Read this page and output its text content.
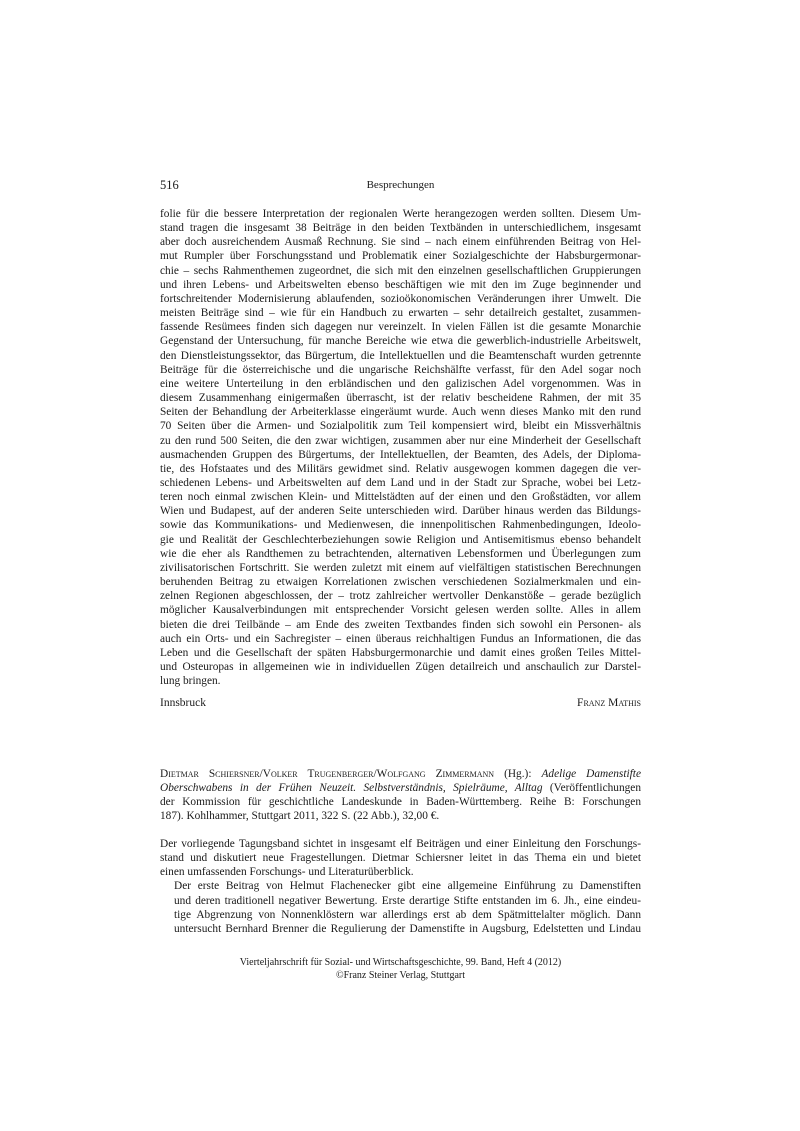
516	Besprechungen

folie für die bessere Interpretation der regionalen Werte herangezogen werden sollten. Diesem Um-
stand tragen die insgesamt 38 Beiträge in den beiden Textbänden in unterschiedlichem, insgesamt
aber doch ausreichendem Ausmaß Rechnung. Sie sind – nach einem einführenden Beitrag von Hel-
mut Rumpler über Forschungsstand und Problematik einer Sozialgeschichte der Habsburgermonar-
chie – sechs Rahmenthemen zugeordnet, die sich mit den einzelnen gesellschaftlichen Gruppierungen
und ihren Lebens- und Arbeitswelten ebenso beschäftigen wie mit den im Zuge beginnender und
fortschreitender Modernisierung ablaufenden, sozioökonomischen Veränderungen ihrer Umwelt. Die
meisten Beiträge sind – wie für ein Handbuch zu erwarten – sehr detailreich gestaltet, zusammen-
fassende Resümees finden sich dagegen nur vereinzelt. In vielen Fällen ist die gesamte Monarchie
Gegenstand der Untersuchung, für manche Bereiche wie etwa die gewerblich-industrielle Arbeitswelt,
den Dienstleistungssektor, das Bürgertum, die Intellektuellen und die Beamtenschaft wurden getrennte
Beiträge für die österreichische und die ungarische Reichshälfte verfasst, für den Adel sogar noch
eine weitere Unterteilung in den erbländischen und den galizischen Adel vorgenommen. Was in
diesem Zusammenhang einigermaßen überrascht, ist der relativ bescheidene Rahmen, der mit 35
Seiten der Behandlung der Arbeiterklasse eingeräumt wurde. Auch wenn dieses Manko mit den rund
70 Seiten über die Armen- und Sozialpolitik zum Teil kompensiert wird, bleibt ein Missverhältnis
zu den rund 500 Seiten, die den zwar wichtigen, zusammen aber nur eine Minderheit der Gesellschaft
ausmachenden Gruppen des Bürgertums, der Intellektuellen, der Beamten, des Adels, der Diploma-
tie, des Hofstaates und des Militärs gewidmet sind. Relativ ausgewogen kommen dagegen die ver-
schiedenen Lebens- und Arbeitswelten auf dem Land und in der Stadt zur Sprache, wobei bei Letz-
teren noch einmal zwischen Klein- und Mittelstädten auf der einen und den Großstädten, vor allem
Wien und Budapest, auf der anderen Seite unterschieden wird. Darüber hinaus werden das Bildungs-
sowie das Kommunikations- und Medienwesen, die innenpolitischen Rahmenbedingungen, Ideolo-
gie und Realität der Geschlechterbeziehungen sowie Religion und Antisemitismus ebenso behandelt
wie die eher als Randthemen zu betrachtenden, alternativen Lebensformen und Überlegungen zum
zivilisatorischen Fortschritt. Sie werden zuletzt mit einem auf vielfältigen statistischen Berechnungen
beruhenden Beitrag zu etwaigen Korrelationen zwischen verschiedenen Sozialmerkmalen und ein-
zelnen Regionen abgeschlossen, der – trotz zahlreicher wertvoller Denkanstöße – gerade bezüglich
möglicher Kausalverbindungen mit entsprechender Vorsicht gelesen werden sollte. Alles in allem
bieten die drei Teilbände – am Ende des zweiten Textbandes finden sich sowohl ein Personen- als
auch ein Orts- und ein Sachregister – einen überaus reichhaltigen Fundus an Informationen, die das
Leben und die Gesellschaft der späten Habsburgermonarchie und damit eines großen Teiles Mittel-
und Osteuropas in allgemeinen wie in individuellen Zügen detailreich und anschaulich zur Darstel-
lung bringen.

Innsbruck	Franz Mathis

Dietmar Schiersner/Volker Trugenberger/Wolfgang Zimmermann (Hg.): Adelige Damenstifte
Oberschwabens in der Frühen Neuzeit. Selbstverständnis, Spielräume, Alltag (Veröffentlichungen
der Kommission für geschichtliche Landeskunde in Baden-Württemberg. Reihe B: Forschungen
187). Kohlhammer, Stuttgart 2011, 322 S. (22 Abb.), 32,00 €.

Der vorliegende Tagungsband sichtet in insgesamt elf Beiträgen und einer Einleitung den Forschungs-
stand und diskutiert neue Fragestellungen. Dietmar Schiersner leitet in das Thema ein und bietet
einen umfassenden Forschungs- und Literaturüberblick.

Der erste Beitrag von Helmut Flachenecker gibt eine allgemeine Einführung zu Damenstiften
und deren traditionell negativer Bewertung. Erste derartige Stifte entstanden im 6. Jh., eine eindeu-
tige Abgrenzung von Nonnenklöstern war allerdings erst ab dem Spätmittelalter möglich. Dann
untersucht Bernhard Brenner die Regulierung der Damenstifte in Augsburg, Edelstetten und Lindau

Vierteljahrschrift für Sozial- und Wirtschaftsgeschichte, 99. Band, Heft 4 (2012)
©Franz Steiner Verlag, Stuttgart
